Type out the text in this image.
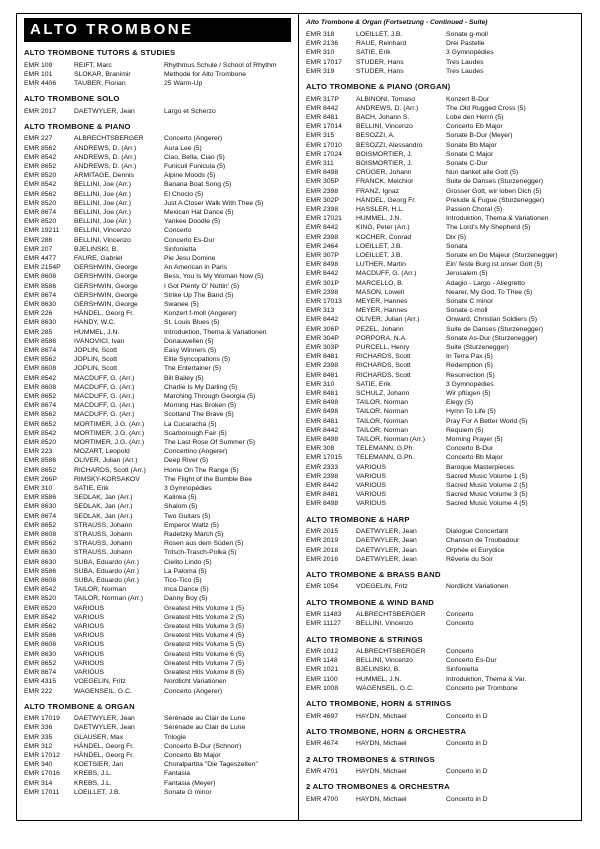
ALTO TROMBONE
ALTO TROMBONE TUTORS & STUDIES
EMR 109	REIFT, Marc	Rhythmus Schule / School of Rhythm
EMR 101	SLOKAR, Branimir	Methode for Alto Trombone
EMR 4406	TAUBER, Florian	25 Warm-Up
ALTO TROMBONE SOLO
EMR 2017	DAETWYLER, Jean	Largo et Scherzo
ALTO TROMBONE & PIANO
EMR 227	ALBRECHTSBERGER	Concerto (Angerer)
EMR 8562	ANDREWS, D. (Arr.)	Aura Lee (5)
EMR 8542	ANDREWS, D. (Arr.)	Ciao, Bella, Ciao (5)
EMR 8652	ANDREWS, D. (Arr.)	Funiculi Funicula (5)
EMR 8520	ARMITAGE, Dennis	Alpine Moods (5)
EMR 8542	BELLINI, Joe (Arr.)	Banana Boat Song (5)
EMR 8562	BELLINI, Joe (Arr.)	El Choclo (5)
EMR 8520	BELLINI, Joe (Arr.)	Just A Closer Walk With Thee (5)
EMR 8674	BELLINI, Joe (Arr.)	Mexican Hat Dance (5)
EMR 8520	BELLINI, Joe (Arr.)	Yankee Doodle (5)
EMR 19211	BELLINI, Vincenzo	Concerto
EMR 286	BELLINI, Vincenzo	Concerto Es-Dur
EMR 207	BJELINSKI, B.	Sinfonietta
EMR 4477	FAURE, Gabriel	Pie Jesu Domine
EMR 2154P	GERSHWIN, George	An American in Paris
EMR 8608	GERSHWIN, George	Bess, You Is My Woman Now (5)
EMR 8586	GERSHWIN, George	I Got Plenty O' Nuttin' (5)
EMR 8674	GERSHWIN, George	Strike Up The Band (5)
EMR 8630	GERSHWIN, George	Swanee (5)
EMR 226	HÄNDEL, Georg Fr.	Konzert f-moll (Angerer)
EMR 8630	HANDY, W.C.	St. Louis Blues (5)
EMR 285	HUMMEL, J.N.	Introduktion, Thema & Variationen
EMR 8586	IVANOVICI, Ivan	Donauwellen (5)
EMR 8674	JOPLIN, Scott	Easy Winners (5)
EMR 8562	JOPLIN, Scott	Elite Syncopations (5)
EMR 8608	JOPLIN, Scott	The Entertainer (5)
EMR 8542	MACDUFF, G. (Arr.)	Bill Bailey (5)
EMR 8608	MACDUFF, G. (Arr.)	Charlie Is My Darling (5)
EMR 8652	MACDUFF, G. (Arr.)	Marching Through Georgia (5)
EMR 8674	MACDUFF, G. (Arr.)	Morning Has Broken (5)
EMR 8562	MACDUFF, G. (Arr.)	Scotland The Brave (5)
EMR 8652	MORTIMER, J.G. (Arr.)	La Cucaracha (5)
EMR 8542	MORTIMER, J.G. (Arr.)	Scarborough Fair (5)
EMR 8520	MORTIMER, J.G. (Arr.)	The Last Rose Of Summer (5)
EMR 223	MOZART, Leopold	Concertino (Angerer)
EMR 8586	OLIVER, Julian (Arr.)	Deep River (5)
EMR 8652	RICHARDS, Scott (Arr.)	Home On The Range (5)
EMR 266P	RIMSKY-KORSAKOV	The Flight of the Bumble Bee
EMR 310	SATIE, Erik	3 Gymnopédies
EMR 8586	SEDLAK, Jan (Arr.)	Kalinka (5)
EMR 8630	SEDLAK, Jan (Arr.)	Shalom (5)
EMR 8674	SEDLAK, Jan (Arr.)	Two Guitars (5)
EMR 8652	STRAUSS, Johann	Emperor Waltz (5)
EMR 8608	STRAUSS, Johann	Radetzky March (5)
EMR 8562	STRAUSS, Johann	Rosen aus dem Süden (5)
EMR 8630	STRAUSS, Johann	Tritsch-Trasch-Polka (5)
EMR 8630	SUBA, Eduardo (Arr.)	Cielito Lindo (5)
EMR 8586	SUBA, Eduardo (Arr.)	La Paloma (5)
EMR 8608	SUBA, Eduardo (Arr.)	Tico-Tico (5)
EMR 8542	TAILOR, Norman	Inca Dance (5)
EMR 8520	TAILOR, Norman (Arr.)	Danny Boy (5)
EMR 8520	VARIOUS	Greatest Hits Volume 1 (5)
EMR 8542	VARIOUS	Greatest Hits Volume 2 (5)
EMR 8562	VARIOUS	Greatest Hits Volume 3 (5)
EMR 8586	VARIOUS	Greatest Hits Volume 4 (5)
EMR 8608	VARIOUS	Greatest Hits Volume 5 (5)
EMR 8630	VARIOUS	Greatest Hits Volume 6 (5)
EMR 8652	VARIOUS	Greatest Hits Volume 7 (5)
EMR 8674	VARIOUS	Greatest Hits Volume 8 (5)
EMR 4315	VOEGELIN, Fritz	Nordlicht Variationen
EMR 222	WAGENSEIL, G.C.	Concerto (Angerer)
ALTO TROMBONE & ORGAN
EMR 17019	DAETWYLER, Jean	Sérénade au Clair de Lune
EMR 336	DAETWYLER, Jean	Sérénade au Clair de Lune
EMR 335	GLAUSER, Max	Trilogie
EMR 312	HÄNDEL, Georg Fr.	Concerto B-Dur (Schnorr)
EMR 17012	HÄNDEL, Georg Fr.	Concerto Bb Major
EMR 340	KOETSIER, Jan	Choralpartita "Die Tageszeiten"
EMR 17016	KREBS, J.L.	Fantasia
EMR 314	KREBS, J.L.	Fantasia (Meyer)
EMR 17011	LOEILLET, J.B.	Sonate G minor
Alto Trombone & Organ (Fortsetzung - Continued - Suite)
EMR 318	LOEILLET, J.B.	Sonate g-moll
EMR 2136	RAUE, Reinhard	Drei Pastelle
EMR 310	SATIE, Erik	3 Gymnopédies
EMR 17017	STUDER, Hans	Tres Laudes
EMR 319	STUDER, Hans	Tres Laudes
ALTO TROMBONE & PIANO (ORGAN)
EMR 317P	ALBINONI, Tomaso	Konzert B-Dur
EMR 8442	ANDREWS, D. (Arr.)	The Old Rugged Cross (5)
EMR 8481	BACH, Johann S.	Lobe den Herrn (5)
EMR 17014	BELLINI, Vincenzo	Concerto Eb Major
EMR 315	BESOZZI, A.	Sonate B-Dur (Meyer)
EMR 17010	BESOZZI, Alessandro	Sonate Bb Major
EMR 17024	BOISMORTIER, J.	Sonate C Major
EMR 311	BOISMORTIER, J.	Sonate C-Dur
EMR 8498	CRÜGER, Johann	Nun danket alle Gott (5)
EMR 305P	FRANCK, Melchior	Suite de Danses (Sturzenegger)
EMR 2398	FRANZ, Ignaz	Grosser Gott, wir loben Dich (5)
EMR 302P	HÄNDEL, Georg Fr.	Prelude & Fugue (Sturzenegger)
EMR 2398	HASSLER, H.L.	Passion Choral (5)
EMR 17021	HUMMEL, J.N.	Introduktion, Thema & Variationen
EMR 8442	KING, Peter (Arr.)	The Lord's My Shepherd (5)
EMR 2398	KOCHER, Conrad	Dix (5)
EMR 2464	LOEILLET, J.B.	Sonata
EMR 307P	LOEILLET, J.B.	Sonate en Do Majeur (Sturzenegger)
EMR 8498	LUTHER, Martin	Ein' feste Burg ist unser Gott (5)
EMR 8442	MACDUFF, G. (Arr.)	Jerusalem (5)
EMR 301P	MARCELLO, B.	Adagio - Largo - Allegretto
EMR 2398	MASON, Lowell	Nearer, My God, To Thee (5)
EMR 17013	MEYER, Hannes	Sonate C minor
EMR 313	MEYER, Hannes	Sonate c-moll
EMR 8442	OLIVER, Julian (Arr.)	Onward, Christian Soldiers (5)
EMR 306P	PEZEL, Johann	Suite de Danses (Sturzenegger)
EMR 304P	PORPORA, N.A.	Sonate As-Dur (Sturzenegger)
EMR 303P	PURCELL, Henry	Suite (Sturzenegger)
EMR 8481	RICHARDS, Scott	In Terra Pax (5)
EMR 2398	RICHARDS, Scott	Redemption (5)
EMR 8481	RICHARDS, Scott	Resurrection (5)
EMR 310	SATIE, Erik	3 Gymnopédies
EMR 8481	SCHULZ, Johann	Wir pflügen (5)
EMR 8498	TAILOR, Norman	Elegy (5)
EMR 8498	TAILOR, Norman	Hymn To Life (5)
EMR 8481	TAILOR, Norman	Pray For A Better World (5)
EMR 8442	TAILOR, Norman	Requiem (5)
EMR 8498	TAILOR, Norman (Arr.)	Morning Prayer (5)
EMR 308	TELEMANN, G.Ph.	Concerto B-Dur
EMR 17015	TELEMANN, G.Ph.	Concerto Bb Major
EMR 2333	VARIOUS	Baroque Masterpieces
EMR 2398	VARIOUS	Sacred Music Volume 1 (5)
EMR 8442	VARIOUS	Sacred Music Volume 2 (5)
EMR 8481	VARIOUS	Sacred Music Volume 3 (5)
EMR 8498	VARIOUS	Sacred Music Volume 4 (5)
ALTO TROMBONE & HARP
EMR 2015	DAETWYLER, Jean	Dialogue Concertant
EMR 2019	DAETWYLER, Jean	Chanson de Troubadour
EMR 2018	DAETWYLER, Jean	Orphée et Eurydice
EMR 2016	DAETWYLER, Jean	Rêverie du Soir
ALTO TROMBONE & BRASS BAND
EMR 1054	VOEGELIN, Fritz	Nordlicht Variationen
ALTO TROMBONE & WIND BAND
EMR 11483	ALBRECHTSBERGER	Concerto
EMR 11127	BELLINI, Vincenzo	Concerto
ALTO TROMBONE & STRINGS
EMR 1012	ALBRECHTSBERGER	Concerto
EMR 1148	BELLINI, Vincenzo	Concerto Es-Dur
EMR 1021	BJELINSKI, B.	Sinfonietta
EMR 1100	HUMMEL, J.N.	Introduktion, Thema & Var.
EMR 1008	WAGENSEIL, G.C.	Concerto per Trombone
ALTO TROMBONE, HORN & STRINGS
EMR 4697	HAYDN, Michael	Concerto in D
ALTO TROMBONE, HORN & ORCHESTRA
EMR 4674	HAYDN, Michael	Concerto in D
2 ALTO TROMBONES & STRINGS
EMR 4701	HAYDN, Michael	Concerto in D
2 ALTO TROMBONES & ORCHESTRA
EMR 4700	HAYDN, Michael	Concerto in D
